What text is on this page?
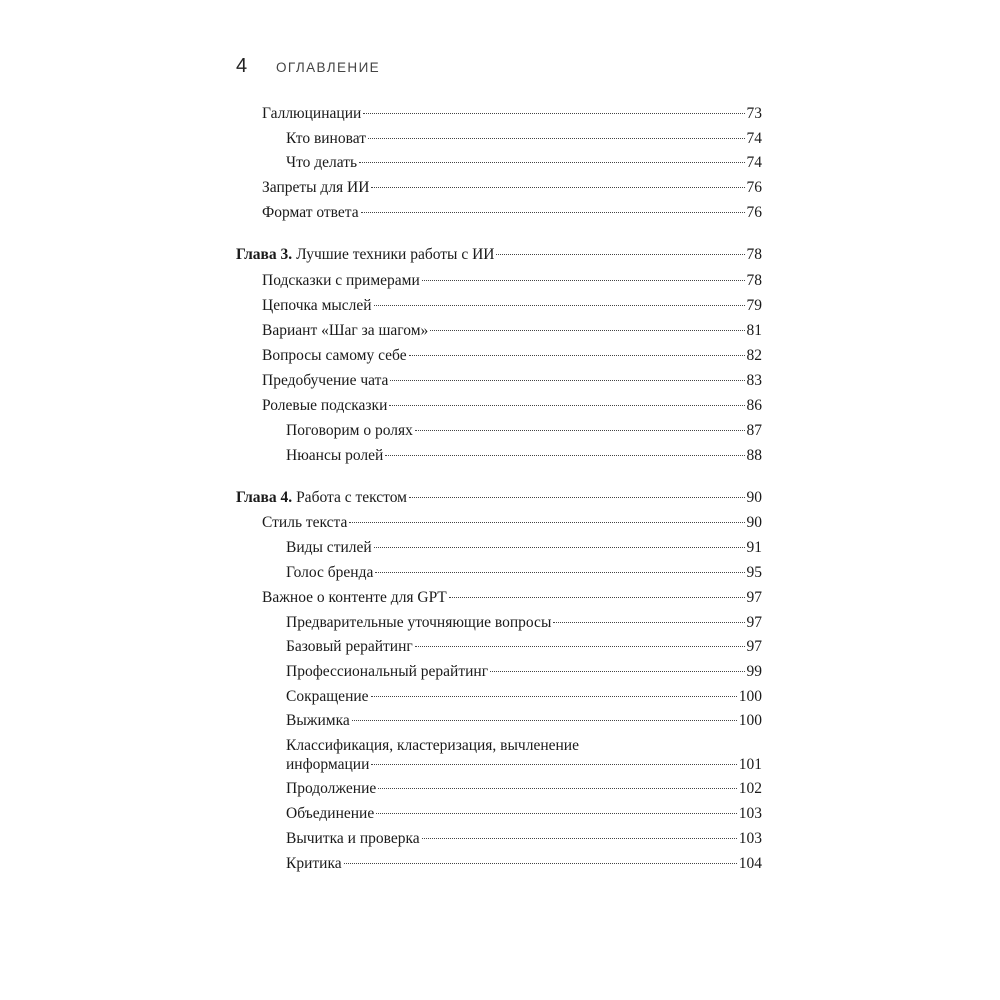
4 ОГЛАВЛЕНИЕ
Галлюцинации	73
Кто виноват	74
Что делать	74
Запреты для ИИ	76
Формат ответа	76
Глава 3. Лучшие техники работы с ИИ	78
Подсказки с примерами	78
Цепочка мыслей	79
Вариант «Шаг за шагом»	81
Вопросы самому себе	82
Предобучение чата	83
Ролевые подсказки	86
Поговорим о ролях	87
Нюансы ролей	88
Глава 4. Работа с текстом	90
Стиль текста	90
Виды стилей	91
Голос бренда	95
Важное о контенте для GPT	97
Предварительные уточняющие вопросы	97
Базовый рерайтинг	97
Профессиональный рерайтинг	99
Сокращение	100
Выжимка	100
Классификация, кластеризация, вычленение
информации	101
Продолжение	102
Объединение	103
Вычитка и проверка	103
Критика	104
